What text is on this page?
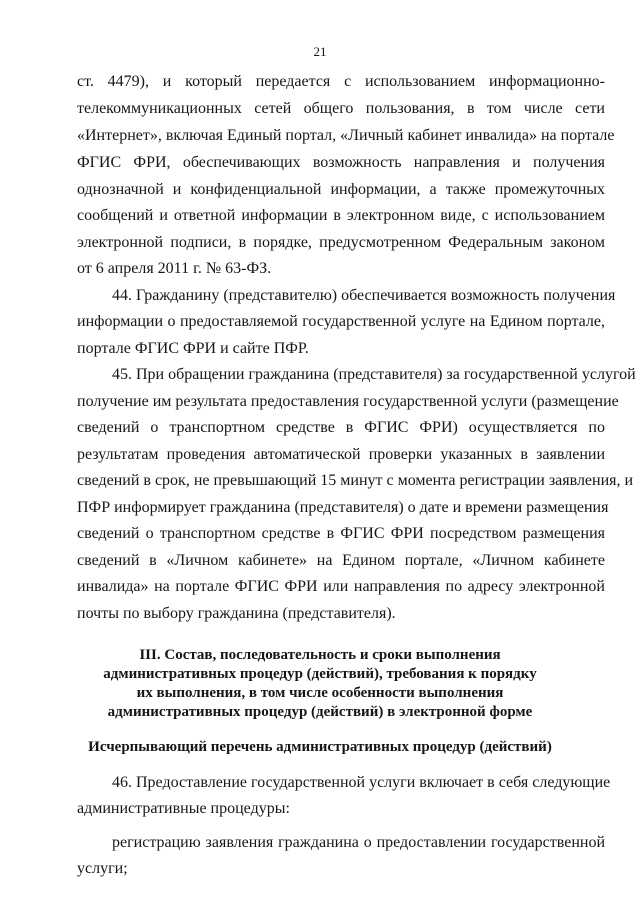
21
ст. 4479), и который передается с использованием информационно-
телекоммуникационных сетей общего пользования, в том числе сети
«Интернет», включая Единый портал, «Личный кабинет инвалида» на портале
ФГИС ФРИ, обеспечивающих возможность направления и получения
однозначной и конфиденциальной информации, а также промежуточных
сообщений и ответной информации в электронном виде, с использованием
электронной подписи, в порядке, предусмотренном Федеральным законом
от 6 апреля 2011 г. № 63-ФЗ.
44. Гражданину (представителю) обеспечивается возможность получения
информации о предоставляемой государственной услуге на Едином портале,
портале ФГИС ФРИ и сайте ПФР.
45. При обращении гражданина (представителя) за государственной услугой
получение им результата предоставления государственной услуги (размещение
сведений о транспортном средстве в ФГИС ФРИ) осуществляется по
результатам проведения автоматической проверки указанных в заявлении
сведений в срок, не превышающий 15 минут с момента регистрации заявления, и
ПФР информирует гражданина (представителя) о дате и времени размещения
сведений о транспортном средстве в ФГИС ФРИ посредством размещения
сведений в «Личном кабинете» на Едином портале, «Личном кабинете
инвалида» на портале ФГИС ФРИ или направления по адресу электронной
почты по выбору гражданина (представителя).
III. Состав, последовательность и сроки выполнения
административных процедур (действий), требования к порядку
их выполнения, в том числе особенности выполнения
административных процедур (действий) в электронной форме
Исчерпывающий перечень административных процедур (действий)
46. Предоставление государственной услуги включает в себя следующие
административные процедуры:
регистрацию заявления гражданина о предоставлении государственной
услуги;
